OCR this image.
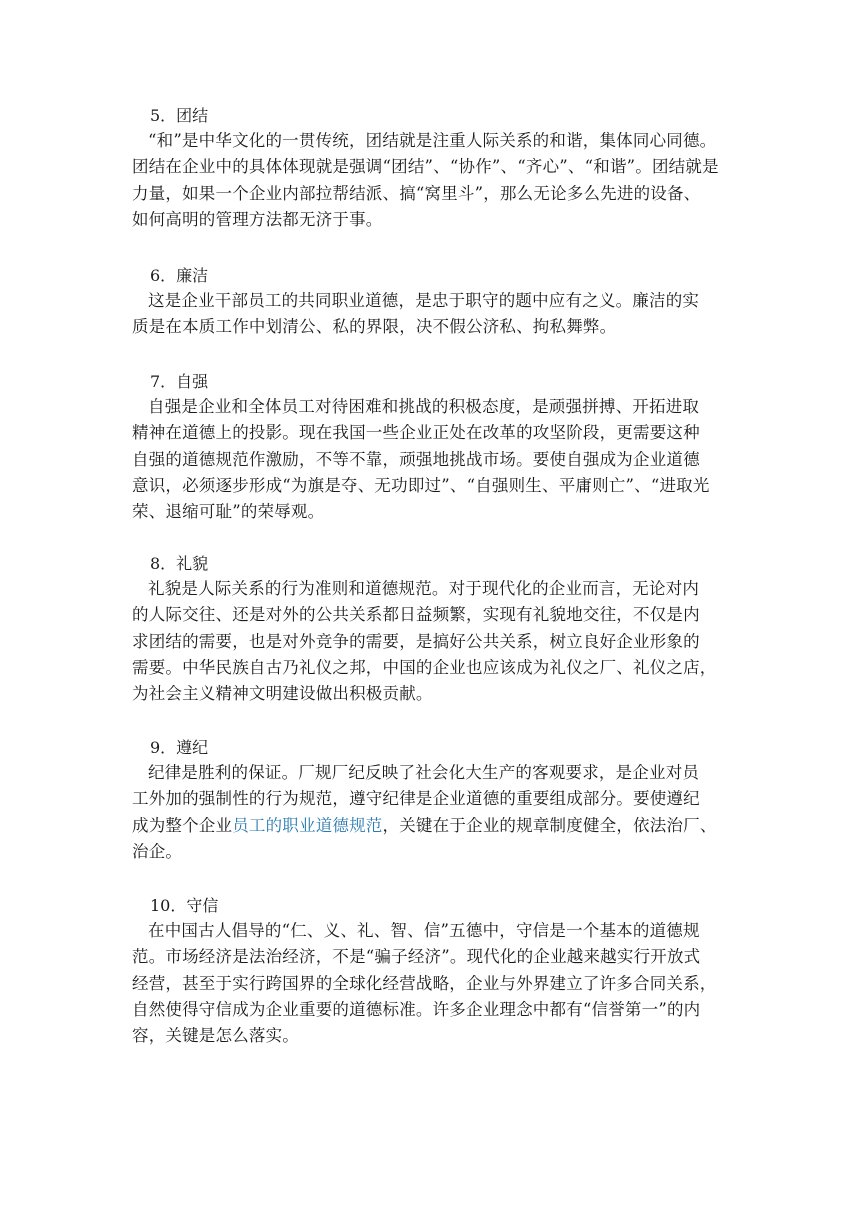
5．团结
“和”是中华文化的一贯传统，团结就是注重人际关系的和谐，集体同心同德。
团结在企业中的具体体现就是强调“团结”、“协作”、“齐心”、“和谐”。团结就是
力量，如果一个企业内部拉帮结派、搞“窝里斗”，那么无论多么先进的设备、
如何高明的管理方法都无济于事。
6．廉洁
这是企业干部员工的共同职业道德，是忠于职守的题中应有之义。廉洁的实
质是在本质工作中划清公、私的界限，决不假公济私、拘私舞弊。
7．自强
自强是企业和全体员工对待困难和挑战的积极态度，是顽强拼搏、开拓进取
精神在道德上的投影。现在我国一些企业正处在改革的攻坚阶段，更需要这种
自强的道德规范作激励，不等不靠，顽强地挑战市场。要使自强成为企业道德
意识，必须逐步形成“为旗是夺、无功即过”、“自强则生、平庸则亡”、“进取光
荣、退缩可耻”的荣辱观。
8．礼貌
礼貌是人际关系的行为准则和道德规范。对于现代化的企业而言，无论对内
的人际交往、还是对外的公共关系都日益频繁，实现有礼貌地交往，不仅是内
求团结的需要，也是对外竞争的需要，是搞好公共关系，树立良好企业形象的
需要。中华民族自古乃礼仪之邦，中国的企业也应该成为礼仪之厂、礼仪之店，
为社会主义精神文明建设做出积极贡献。
9．遵纪
纪律是胜利的保证。厂规厂纪反映了社会化大生产的客观要求，是企业对员
工外加的强制性的行为规范，遵守纪律是企业道德的重要组成部分。要使遵纪
成为整个企业员工的职业道德规范，关键在于企业的规章制度健全，依法治厂、
治企。
10．守信
在中国古人倡导的“仁、义、礼、智、信”五德中，守信是一个基本的道德规
范。市场经济是法治经济，不是“骗子经济”。现代化的企业越来越实行开放式
经营，甚至于实行跨国界的全球化经营战略，企业与外界建立了许多合同关系，
自然使得守信成为企业重要的道德标准。许多企业理念中都有“信誉第一”的内
容，关键是怎么落实。
